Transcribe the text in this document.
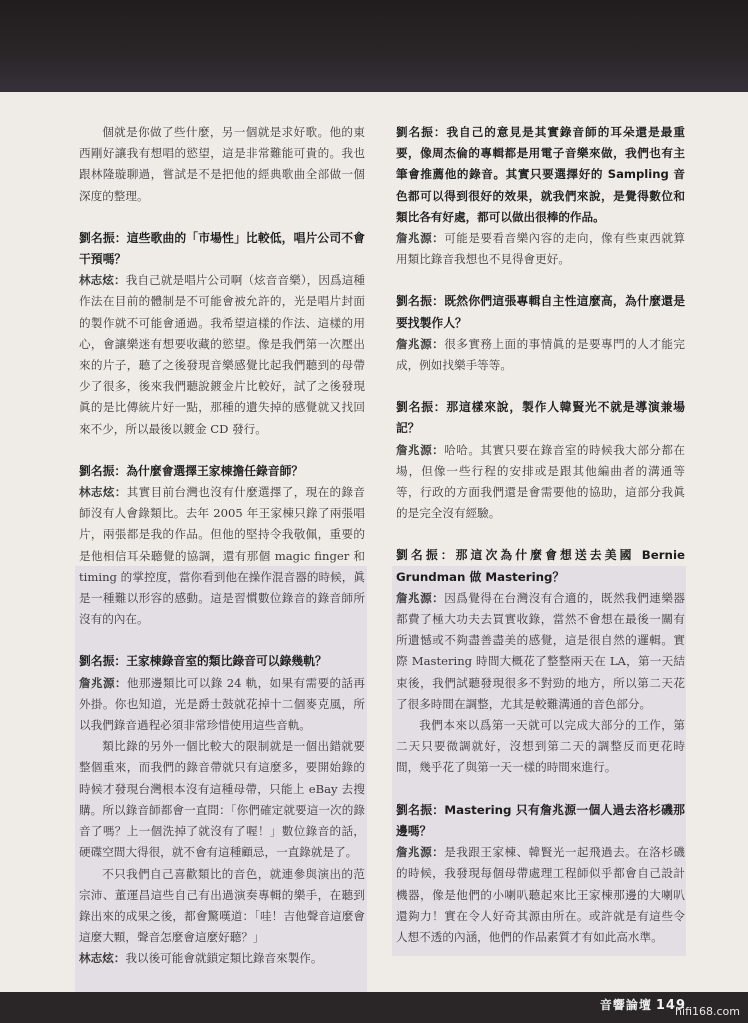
個就是你做了些什麼，另一個就是求好歌。他的東西剛好讓我有想唱的慾望，這是非常難能可貴的。我也跟林隆璇聊過，嘗試是不是把他的經典歌曲全部做一個深度的整理。

劉名振：這些歌曲的「市場性」比較低，唱片公司不會干預嗎？

林志炫：我自己就是唱片公司啊（炫音音樂），因爲這種作法在目前的體制是不可能會被允許的，光是唱片封面的製作就不可能會通過。我希望這樣的作法、這樣的用心，會讓樂迷有想要收藏的慾望。像是我們第一次壓出來的片子，聽了之後發現音樂感覺比起我們聽到的母帶少了很多，後來我們聽說鍍金片比較好，試了之後發現眞的是比傳統片好一點，那種的遺失掉的感覺就又找回來不少，所以最後以鍍金 CD 發行。

劉名振：為什麼會選擇王家棟擔任錄音師？

林志炫：其實目前台灣也沒有什麼選擇了，現在的錄音師沒有人會錄類比。去年 2005 年王家棟只錄了兩張唱片，兩張都是我的作品。但他的堅持令我敬佩，重要的是他相信耳朵聽覺的協調，還有那個 magic finger 和 timing 的掌控度，當你看到他在操作混音器的時候，眞是一種難以形容的感動。這是習慣數位錄音的錄音師所沒有的內在。

劉名振：王家棟錄音室的類比錄音可以錄幾軌？

詹兆源：他那邊類比可以錄 24 軌，如果有需要的話再外掛。你也知道，光是爵士鼓就花掉十二個麥克風，所以我們錄音過程必須非常珍惜使用這些音軌。

類比錄的另外一個比較大的限制就是一個出錯就要整個重來，而我們的錄音帶就只有這麼多，要開始錄的時候才發現台灣根本沒有這種母帶，只能上 eBay 去搜購。所以錄音師都會一直問：「你們確定就要這一次的錄音了嗎？上一個洗掉了就沒有了喔！」數位錄音的話，硬碟空間大得很，就不會有這種顧忌，一直錄就是了。

不只我們自己喜歡類比的音色，就連參與演出的范宗沛、董運昌這些自己有出過演奏專輯的樂手，在聽到錄出來的成果之後，都會驚嘆道：「哇！吉他聲音這麼會這麼大顆，聲音怎麼會這麼好聽？」

林志炫：我以後可能會就鎖定類比錄音來製作。

劉名振：我自己的意見是其實錄音師的耳朵還是最重要，像周杰倫的專輯都是用電子音樂來做，我們也有主筆會推薦他的錄音。其實只要選擇好的 Sampling 音色都可以得到很好的效果，就我們來說，是覺得數位和類比各有好處，都可以做出很棒的作品。

詹兆源：可能是要看音樂內容的走向，像有些東西就算用類比錄音我想也不見得會更好。

劉名振：既然你們這張專輯自主性這麼高，為什麼還是要找製作人？

詹兆源：很多實務上面的事情眞的是要專門的人才能完成，例如找樂手等等。

劉名振：那這樣來說，製作人韓賢光不就是導演兼場記？

詹兆源：哈哈。其實只要在錄音室的時候我大部分都在場，但像一些行程的安排或是跟其他編曲者的溝通等等，行政的方面我們還是會需要他的協助，這部分我眞的是完全沒有經驗。

劉名振：那這次為什麼會想送去美國 Bernie Grundman 做 Mastering？

詹兆源：因爲覺得在台灣沒有合適的，既然我們連樂器都費了極大功夫去買實收錄，當然不會想在最後一關有所遺憾或不夠盡善盡美的感覺，這是很自然的邏輯。實際 Mastering 時間大概花了整整兩天在 LA，第一天結束後，我們試聽發現很多不對勁的地方，所以第二天花了很多時間在調整，尤其是較難溝通的音色部分。

我們本來以爲第一天就可以完成大部分的工作，第二天只要微調就好，沒想到第二天的調整反而更花時間，幾乎花了與第一天一樣的時間來進行。

劉名振：Mastering 只有詹兆源一個人過去洛杉磯那邊嗎？

詹兆源：是我跟王家棟、韓賢光一起飛過去。在洛杉磯的時候，我發現每個母帶處理工程師似乎都會自己設計機器，像是他們的小喇叭聽起來比王家棟那邊的大喇叭還夠力！實在令人好奇其源由所在。或許就是有這些令人想不透的內涵，他們的作品素質才有如此高水準。

音響論壇 149
hifi168.com
